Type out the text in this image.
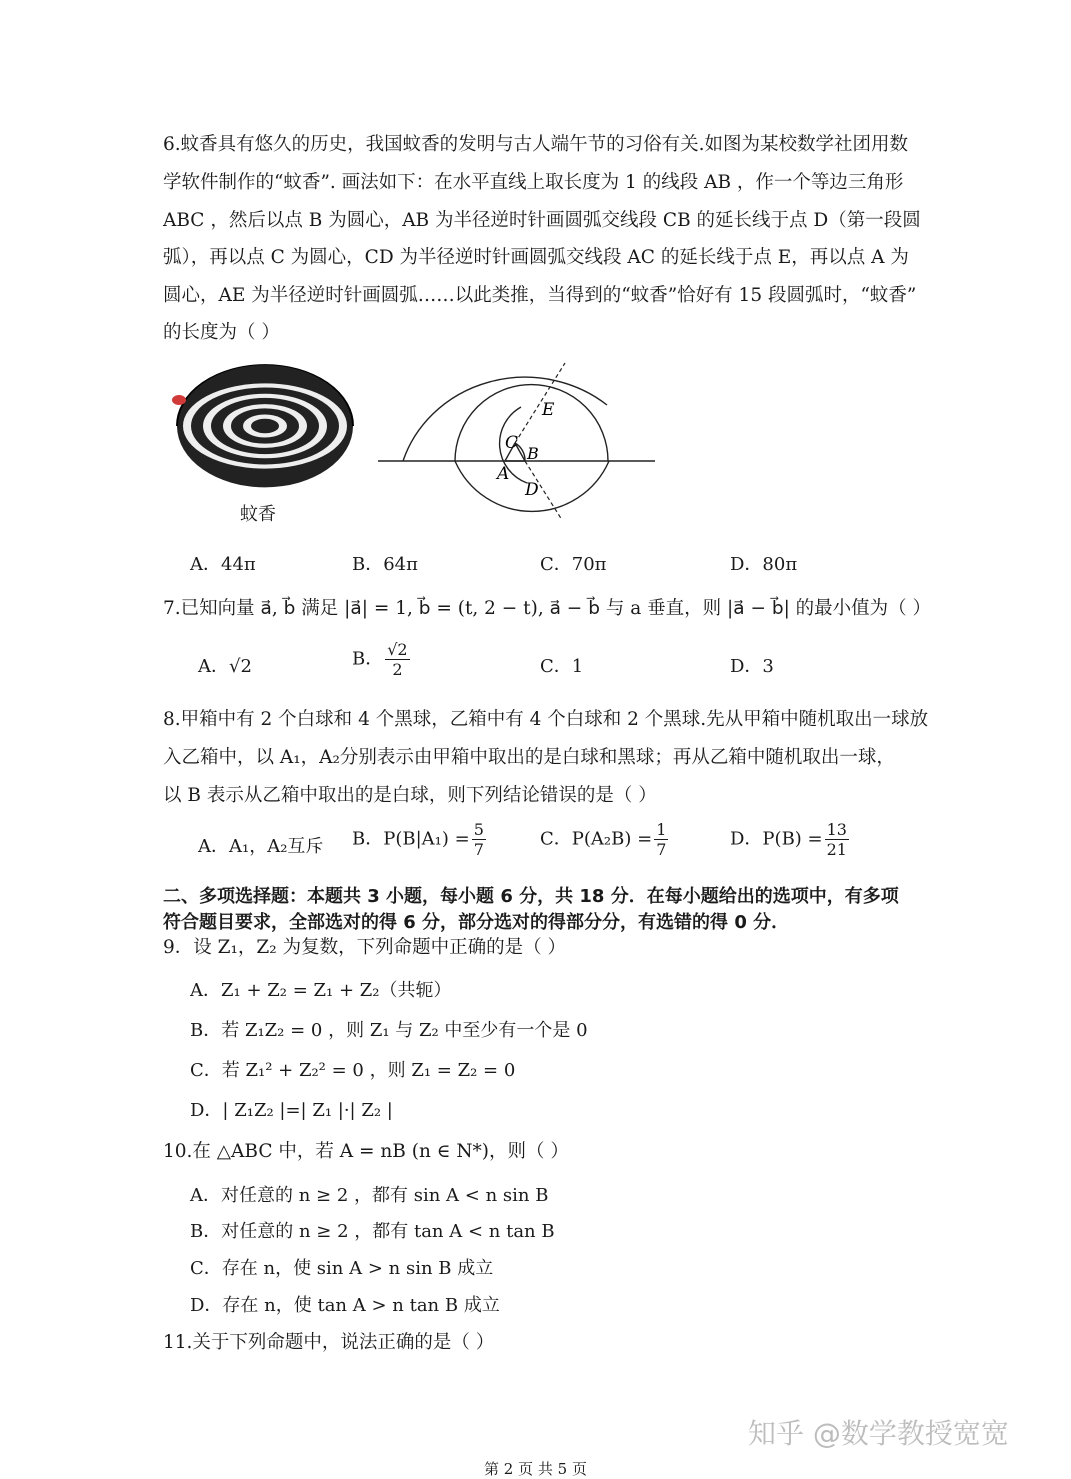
6.蚊香具有悠久的历史，我国蚊香的发明与古人端午节的习俗有关.如图为某校数学社团用数
学软件制作的“蚊香”. 画法如下：在水平直线上取长度为 1 的线段 AB ，作一个等边三角形
ABC ，然后以点 B 为圆心，AB 为半径逆时针画圆弧交线段 CB 的延长线于点 D（第一段圆
弧），再以点 C 为圆心，CD 为半径逆时针画圆弧交线段 AC 的延长线于点 E，再以点 A 为
圆心，AE 为半径逆时针画圆弧……以此类推，当得到的“蚊香”恰好有 15 段圆弧时，“蚊香”
的长度为（ ）
蚊香
C
B
A
D
E
A．44π	B．64π	C．70π	D．80π
7.已知向量 a⃗, b⃗ 满足 |a⃗| = 1, b⃗ = (t, 2 − t), a⃗ − b⃗ 与 a 垂直，则 |a⃗ − b⃗| 的最小值为（ ）
A．√2	B． $\frac{√2}{2}$	C．1	D．3
8.甲箱中有 2 个白球和 4 个黑球，乙箱中有 4 个白球和 2 个黑球.先从甲箱中随机取出一球放
入乙箱中，以 A₁，A₂分别表示由甲箱中取出的是白球和黑球；再从乙箱中随机取出一球，
以 B 表示从乙箱中取出的是白球，则下列结论错误的是（ ）
A．A₁，A₂互斥 B．$P(B|A_1) = \frac{5}{7}$	C．$P(A_2B) = \frac{1}{7}$	D．$P(B) = \frac{13}{21}$
二、多项选择题：本题共 3 小题，每小题 6 分，共 18 分．在每小题给出的选项中，有多项
符合题目要求，全部选对的得 6 分，部分选对的得部分分，有选错的得 0 分．
9．设 Z₁，Z₂ 为复数，下列命题中正确的是（ ）
A．Z₁ + Z₂ = Z₁ + Z₂（共轭）
B．若 Z₁Z₂ = 0 ，则 Z₁ 与 Z₂ 中至少有一个是 0
C．若 Z₁² + Z₂² = 0 ，则 Z₁ = Z₂ = 0
D．| Z₁Z₂ |=| Z₁ |·| Z₂ |
10.在 △ABC 中，若 A = nB (n ∈ N*)，则（ ）
A．对任意的 n ≥ 2 ，都有 sin A < n sin B
B．对任意的 n ≥ 2 ，都有 tan A < n tan B
C．存在 n，使 sin A > n sin B 成立
D．存在 n，使 tan A > n tan B 成立
11.关于下列命题中，说法正确的是（ ）
知乎 @数学教授宽宽
第 2 页 共 5 页
